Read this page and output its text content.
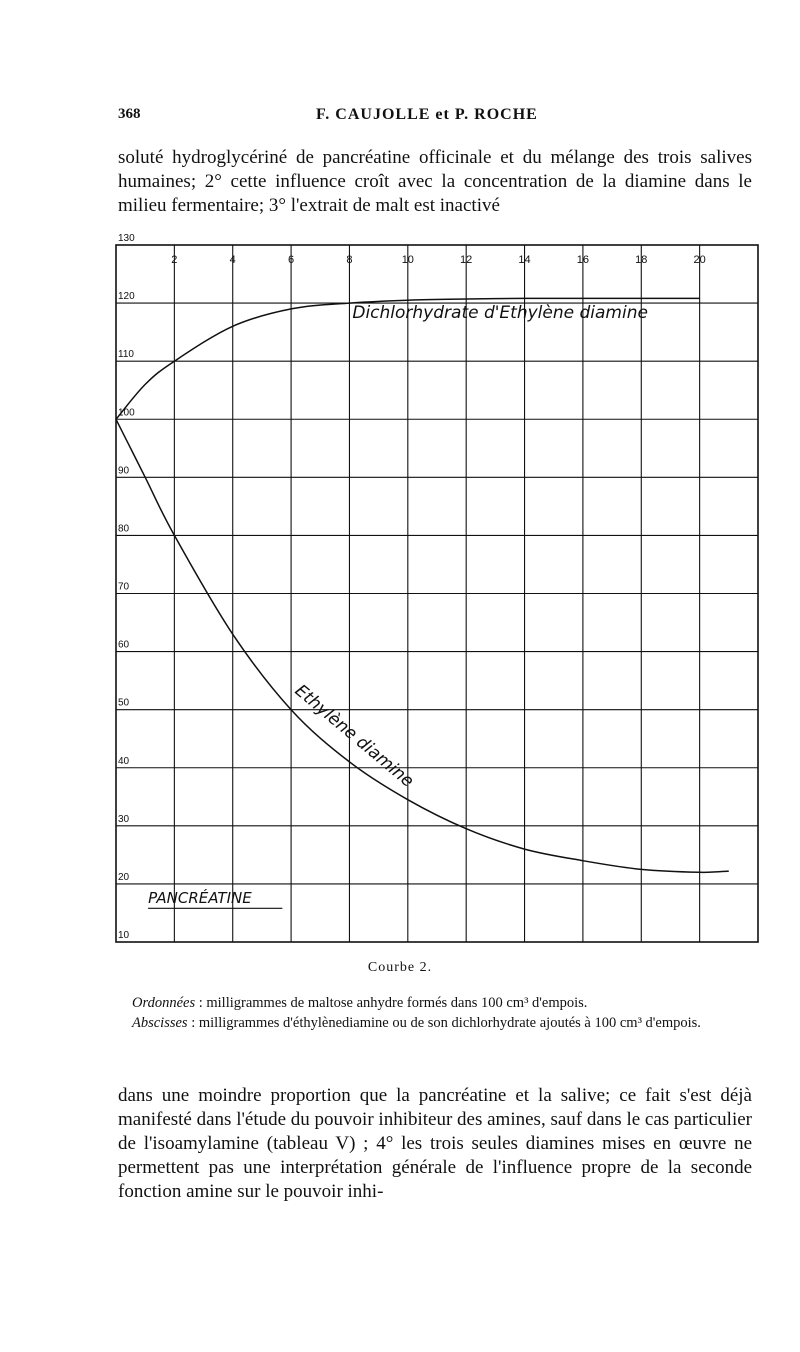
368	F. CAUJOLLE et P. ROCHE

soluté hydroglycériné de pancréatine officinale et du mélange des trois salives humaines; 2° cette influence croît avec la concentration de la diamine dans le milieu fermentaire; 3° l'extrait de malt est inactivé

10
20
30
40
50
60
70
80
90
100
110
120
130
2	4	6	8	10	12	14	16	18	20
Dichlorhydrate d'Ethylène diamine
Ethylène diamine
PANCRÉATINE
Courbe 2.
Ordonnées : milligrammes de maltose anhydre formés dans 100 cm³ d'empois.
Abscisses : milligrammes d'éthylènediamine ou de son dichlorhydrate ajoutés à 100 cm³ d'empois.

dans une moindre proportion que la pancréatine et la salive; ce fait s'est déjà manifesté dans l'étude du pouvoir inhibiteur des amines, sauf dans le cas particulier de l'isoamylamine (tableau V) ; 4° les trois seules diamines mises en œuvre ne permettent pas une interprétation générale de l'influence propre de la seconde fonction amine sur le pouvoir inhi-
